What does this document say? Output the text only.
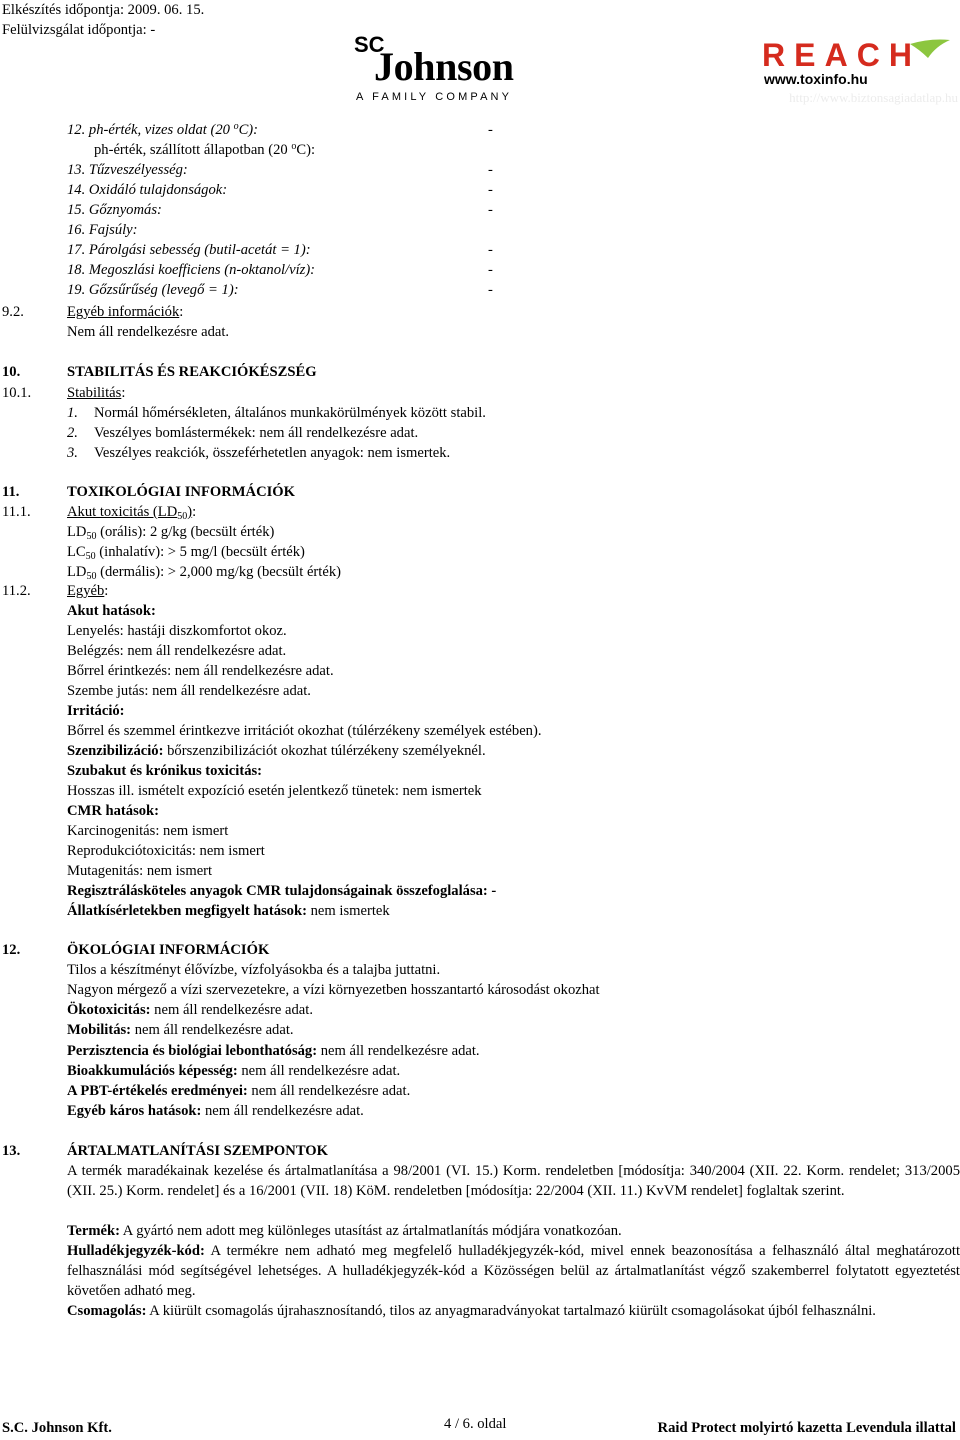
Elkészítés időpontja: 2009. 06. 15.
Felülvizsgálat időpontja: -
SC
Johnson
A FAMILY COMPANY
REACH
www.toxinfo.hu
http://www.biztonsagiadatlap.hu
12. ph-érték, vizes oldat (20 $^o$C):	-
ph-érték, szállított állapotban (20 $^o$C):
13. Tűzveszélyesség:	-
14. Oxidáló tulajdonságok:	-
15. Gőznyomás:	-
16. Fajsúly:
17. Párolgási sebesség (butil-acetát = 1):	-
18. Megoszlási koefficiens (n-oktanol/víz):	-
19. Gőzsűrűség (levegő = 1):	-
9.2.	Egyéb információk:
Nem áll rendelkezésre adat.
10.	STABILITÁS ÉS REAKCIÓKÉSZSÉG
10.1. Stabilitás:
1. Normál hőmérsékleten, általános munkakörülmények között stabil.
2. Veszélyes bomlástermékek: nem áll rendelkezésre adat.
3. Veszélyes reakciók, összeférhetetlen anyagok: nem ismertek.
11.	TOXIKOLÓGIAI INFORMÁCIÓK
11.1. Akut toxicitás $(LD_{50})$:
$LD_{50}$ (orális): 2 g/kg (becsült érték)
$LC_{50}$ (inhalatív): > 5 mg/l (becsült érték)
$LD_{50}$ (dermális): > 2,000 mg/kg (becsült érték)
11.2. Egyéb:
Akut hatások:
Lenyelés: hastáji diszkomfortot okoz.
Belégzés: nem áll rendelkezésre adat.
Bőrrel érintkezés: nem áll rendelkezésre adat.
Szembe jutás: nem áll rendelkezésre adat.
Irritáció:
Bőrrel és szemmel érintkezve irritációt okozhat (túlérzékeny személyek estében).
Szenzibilizáció: bőrszenzibilizációt okozhat túlérzékeny személyeknél.
Szubakut és krónikus toxicitás:
Hosszas ill. ismételt expozíció esetén jelentkező tünetek: nem ismertek
CMR hatások:
Karcinogenitás: nem ismert
Reprodukciótoxicitás: nem ismert
Mutagenitás: nem ismert
Regisztrálásköteles anyagok CMR tulajdonságainak összefoglalása: -
Állatkísérletekben megfigyelt hatások: nem ismertek
12.	ÖKOLÓGIAI INFORMÁCIÓK
Tilos a készítményt élővízbe, vízfolyásokba és a talajba juttatni.
Nagyon mérgező a vízi szervezetekre, a vízi környezetben hosszantartó károsodást okozhat
Ökotoxicitás: nem áll rendelkezésre adat.
Mobilitás: nem áll rendelkezésre adat.
Perzisztencia és biológiai lebonthatóság: nem áll rendelkezésre adat.
Bioakkumulációs képesség: nem áll rendelkezésre adat.
A PBT-értékelés eredményei: nem áll rendelkezésre adat.
Egyéb káros hatások: nem áll rendelkezésre adat.
13.	ÁRTALMATLANÍTÁSI SZEMPONTOK
A termék maradékainak kezelése és ártalmatlanítása a 98/2001 (VI. 15.) Korm. rendeletben [módosítja: 340/2004 (XII. 22. Korm. rendelet; 313/2005 (XII. 25.) Korm. rendelet] és a 16/2001 (VII. 18) KöM. rendeletben [módosítja: 22/2004 (XII. 11.) KvVM rendelet] foglaltak szerint.
Termék: A gyártó nem adott meg különleges utasítást az ártalmatlanítás módjára vonatkozóan.
Hulladékjegyzék-kód: A termékre nem adható meg megfelelő hulladékjegyzék-kód, mivel ennek beazonosítása a felhasználó által meghatározott felhasználási mód segítségével lehetséges. A hulladékjegyzék-kód a Közösségen belül az ártalmatlanítást végző szakemberrel folytatott egyeztetést követően adható meg.
Csomagolás: A kiürült csomagolás újrahasznosítandó, tilos az anyagmaradványokat tartalmazó kiürült csomagolásokat újból felhasználni.
S.C. Johnson Kft.	4 / 6. oldal	Raid Protect molyirtó kazetta Levendula illattal
